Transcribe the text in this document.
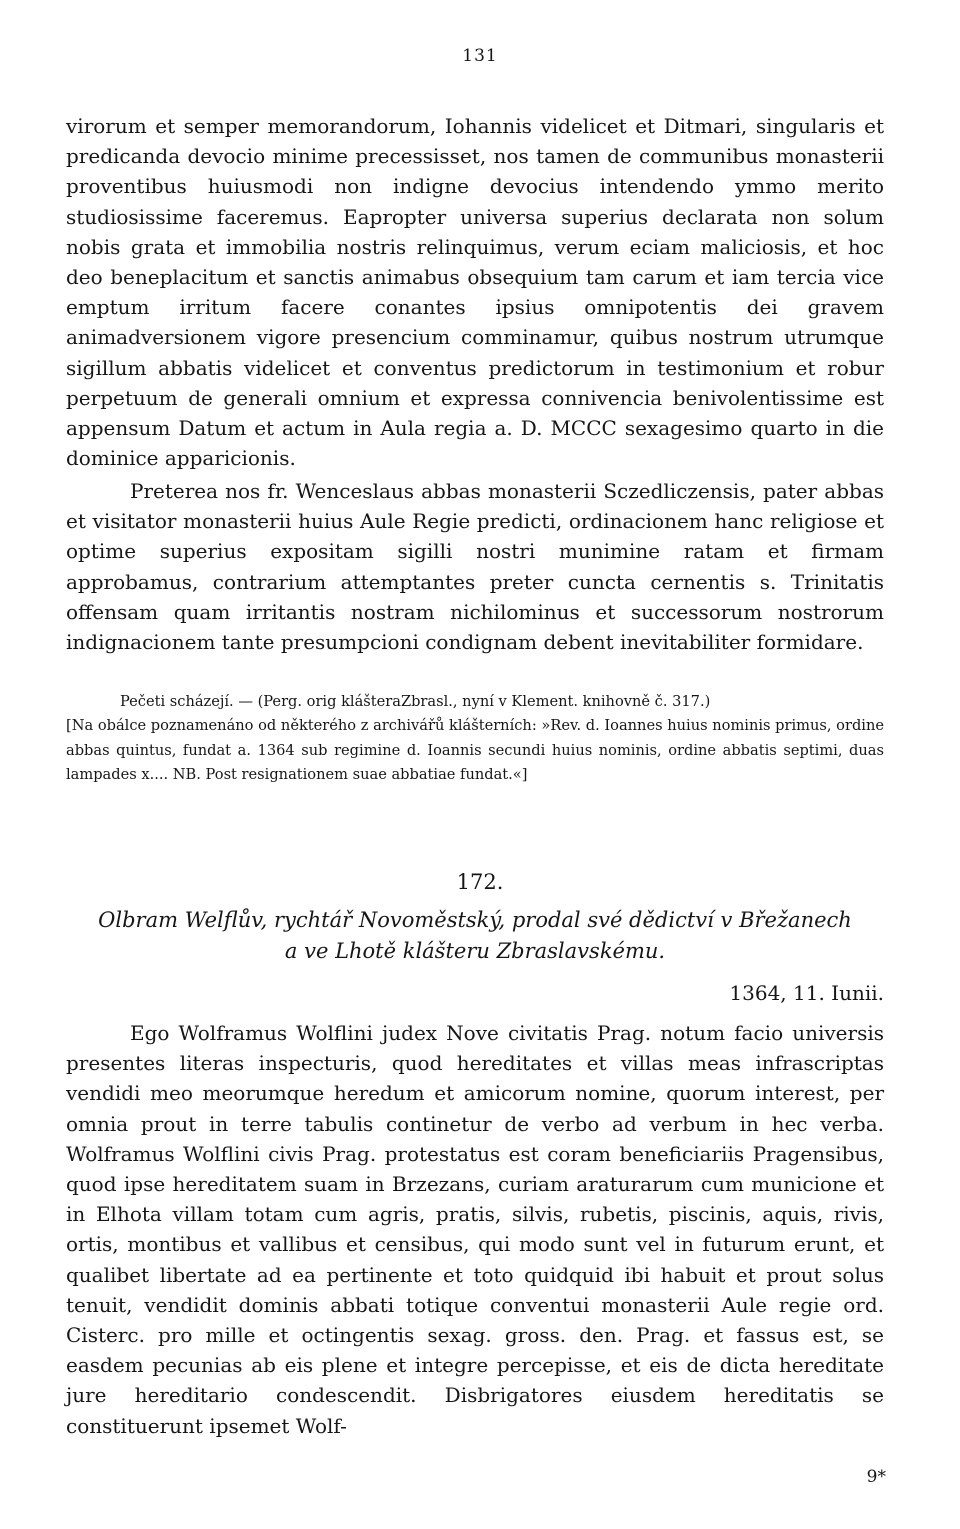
131

virorum et semper memorandorum, Iohannis videlicet et Ditmari, singularis et predicanda devocio minime precessisset, nos tamen de communibus monasterii proventibus huiusmodi non indigne devocius intendendo ymmo merito studiosissime faceremus. Eapropter universa superius declarata non solum nobis grata et immobilia nostris relinquimus, verum eciam maliciosis, et hoc deo beneplacitum et sanctis animabus obsequium tam carum et iam tercia vice emptum irritum facere conantes ipsius omnipotentis dei gravem animadversionem vigore presencium comminamur, quibus nostrum utrumque sigillum abbatis videlicet et conventus predictorum in testimonium et robur perpetuum de generali omnium et expressa connivencia benivolentissime est appensum Datum et actum in Aula regia a. D. MCCC sexagesimo quarto in die dominice apparicionis.

Preterea nos fr. Wenceslaus abbas monasterii Sczedliczensis, pater abbas et visitator monasterii huius Aule Regie predicti, ordinacionem hanc religiose et optime superius expositam sigilli nostri munimine ratam et firmam approbamus, contrarium attemptantes preter cuncta cernentis s. Trinitatis offensam quam irritantis nostram nichilominus et successorum nostrorum indignacionem tante presumpcioni condignam debent inevitabiliter formidare.

Pečeti scházejí. — (Perg. orig klášteraZbrasl., nyní v Klement. knihovně č. 317.)

[Na obálce poznamenáno od některého z archivářů klášterních: »Rev. d. Ioannes huius nominis primus, ordine abbas quintus, fundat a. 1364 sub regimine d. Ioannis secundi huius nominis, ordine abbatis septimi, duas lampades x.... NB. Post resignationem suae abbatiae fundat.«]

172.
Olbram Welflův, rychtář Novoměstský, prodal své dědictví v Břežanech
a ve Lhotě klášteru Zbraslavskému.
1364, 11. Iunii.

Ego Wolframus Wolflini judex Nove civitatis Prag. notum facio universis presentes literas inspecturis, quod hereditates et villas meas infrascriptas vendidi meo meorumque heredum et amicorum nomine, quorum interest, per omnia prout in terre tabulis continetur de verbo ad verbum in hec verba. Wolframus Wolflini civis Prag. protestatus est coram beneficiariis Pragensibus, quod ipse hereditatem suam in Brzezans, curiam araturarum cum municione et in Elhota villam totam cum agris, pratis, silvis, rubetis, piscinis, aquis, rivis, ortis, montibus et vallibus et censibus, qui modo sunt vel in futurum erunt, et qualibet libertate ad ea pertinente et toto quidquid ibi habuit et prout solus tenuit, vendidit dominis abbati totique conventui monasterii Aule regie ord. Cisterc. pro mille et octingentis sexag. gross. den. Prag. et fassus est, se easdem pecunias ab eis plene et integre percepisse, et eis de dicta hereditate jure hereditario condescendit. Disbrigatores eiusdem hereditatis se constituerunt ipsemet Wolf-

9*
